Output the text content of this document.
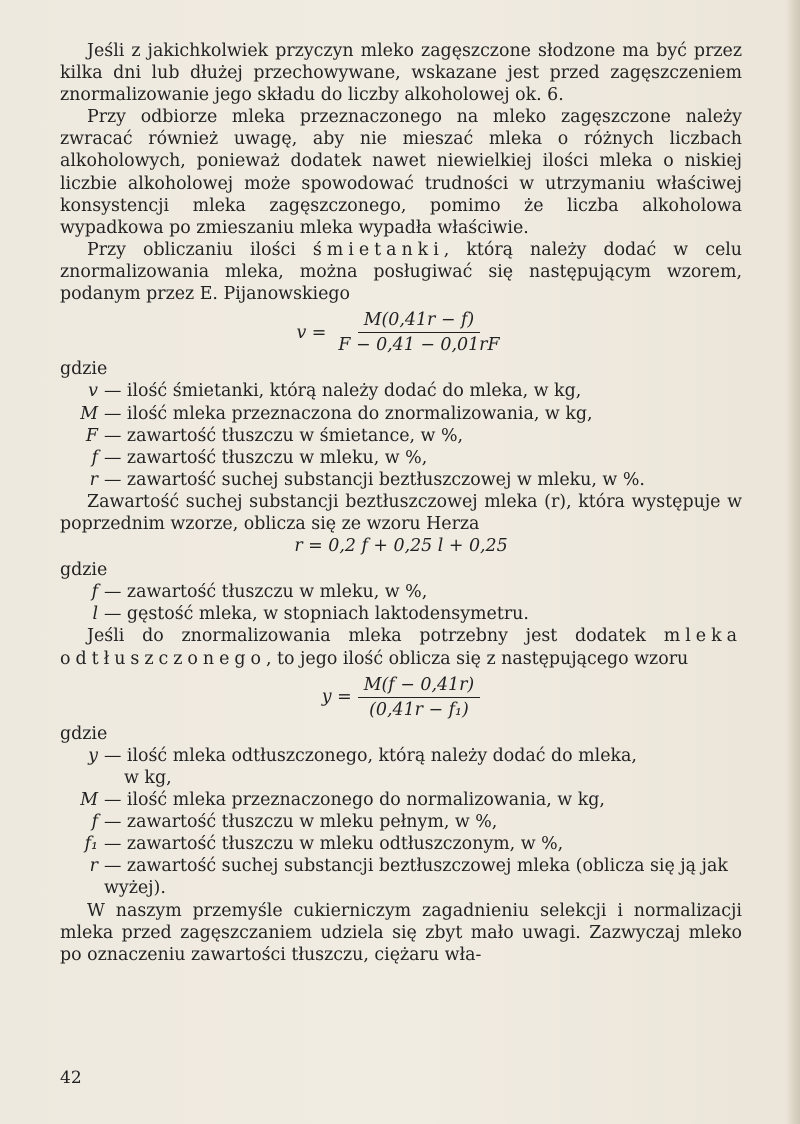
Jeśli z jakichkolwiek przyczyn mleko zagęszczone słodzone ma być przez kilka dni lub dłużej przechowywane, wskazane jest przed zagęszczeniem znormalizowanie jego składu do liczby alkoholowej ok. 6.

Przy odbiorze mleka przeznaczonego na mleko zagęszczone należy zwracać również uwagę, aby nie mieszać mleka o różnych liczbach alkoholowych, ponieważ dodatek nawet niewielkiej ilości mleka o niskiej liczbie alkoholowej może spowodować trudności w utrzymaniu właściwej konsystencji mleka zagęszczonego, pomimo że liczba alkoholowa wypadkowa po zmieszaniu mleka wypadła właściwie.

Przy obliczaniu ilości śmietanki, którą należy dodać w celu znormalizowania mleka, można posługiwać się następującym wzorem, podanym przez E. Pijanowskiego

$v = \frac{M(0,41r - f)}{F - 0,41 - 0,01rF}$

gdzie

v — ilość śmietanki, którą należy dodać do mleka, w kg,
M — ilość mleka przeznaczona do znormalizowania, w kg,
F — zawartość tłuszczu w śmietance, w %,
f — zawartość tłuszczu w mleku, w %,
r — zawartość suchej substancji beztłuszczowej w mleku, w %.

Zawartość suchej substancji beztłuszczowej mleka (r), która występuje w poprzednim wzorze, oblicza się ze wzoru Herza

r = 0,2 f + 0,25 l + 0,25

gdzie

f — zawartość tłuszczu w mleku, w %,
l — gęstość mleka, w stopniach laktodensymetru.

Jeśli do znormalizowania mleka potrzebny jest dodatek mleka odtłuszczonego, to jego ilość oblicza się z następującego wzoru

$y = \frac{M(f - 0,41r)}{\text{(0,41r − f₁)}}$

gdzie

y — ilość mleka odtłuszczonego, którą należy dodać do mleka,
w kg,
M — ilość mleka przeznaczonego do normalizowania, w kg,
f — zawartość tłuszczu w mleku pełnym, w %,
f₁ — zawartość tłuszczu w mleku odtłuszczonym, w %,
r — zawartość suchej substancji beztłuszczowej mleka (oblicza się ją jak wyżej).

W naszym przemyśle cukierniczym zagadnieniu selekcji i normalizacji mleka przed zagęszczaniem udziela się zbyt mało uwagi. Zazwyczaj mleko po oznaczeniu zawartości tłuszczu, ciężaru wła-

42
